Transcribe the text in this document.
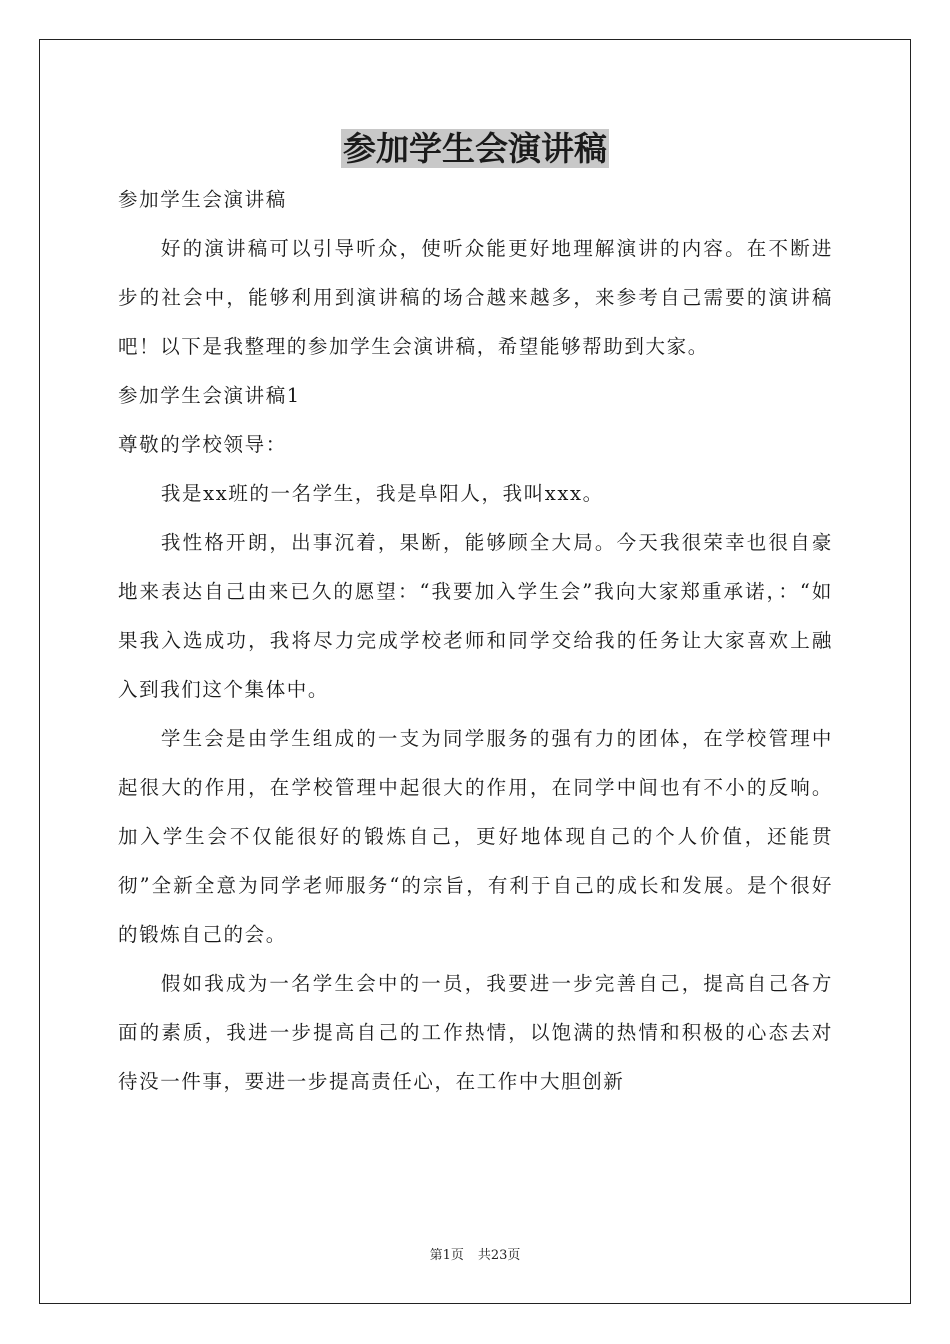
参加学生会演讲稿

参加学生会演讲稿

好的演讲稿可以引导听众，使听众能更好地理解演讲的内容。在不断进步的社会中，能够利用到演讲稿的场合越来越多，来参考自己需要的演讲稿吧！以下是我整理的参加学生会演讲稿，希望能够帮助到大家。

参加学生会演讲稿1

尊敬的学校领导：

我是xx班的一名学生，我是阜阳人，我叫xxx。

我性格开朗，出事沉着，果断，能够顾全大局。今天我很荣幸也很自豪地来表达自己由来已久的愿望：“我要加入学生会”我向大家郑重承诺，：“如果我入选成功，我将尽力完成学校老师和同学交给我的任务让大家喜欢上融入到我们这个集体中。

学生会是由学生组成的一支为同学服务的强有力的团体，在学校管理中起很大的作用，在学校管理中起很大的作用，在同学中间也有不小的反响。加入学生会不仅能很好的锻炼自己，更好地体现自己的个人价值，还能贯彻”全新全意为同学老师服务“的宗旨，有利于自己的成长和发展。是个很好的锻炼自己的会。

假如我成为一名学生会中的一员，我要进一步完善自己，提高自己各方面的素质，我进一步提高自己的工作热情，以饱满的热情和积极的心态去对待没一件事，要进一步提高责任心，在工作中大胆创新

第1页 共23页
